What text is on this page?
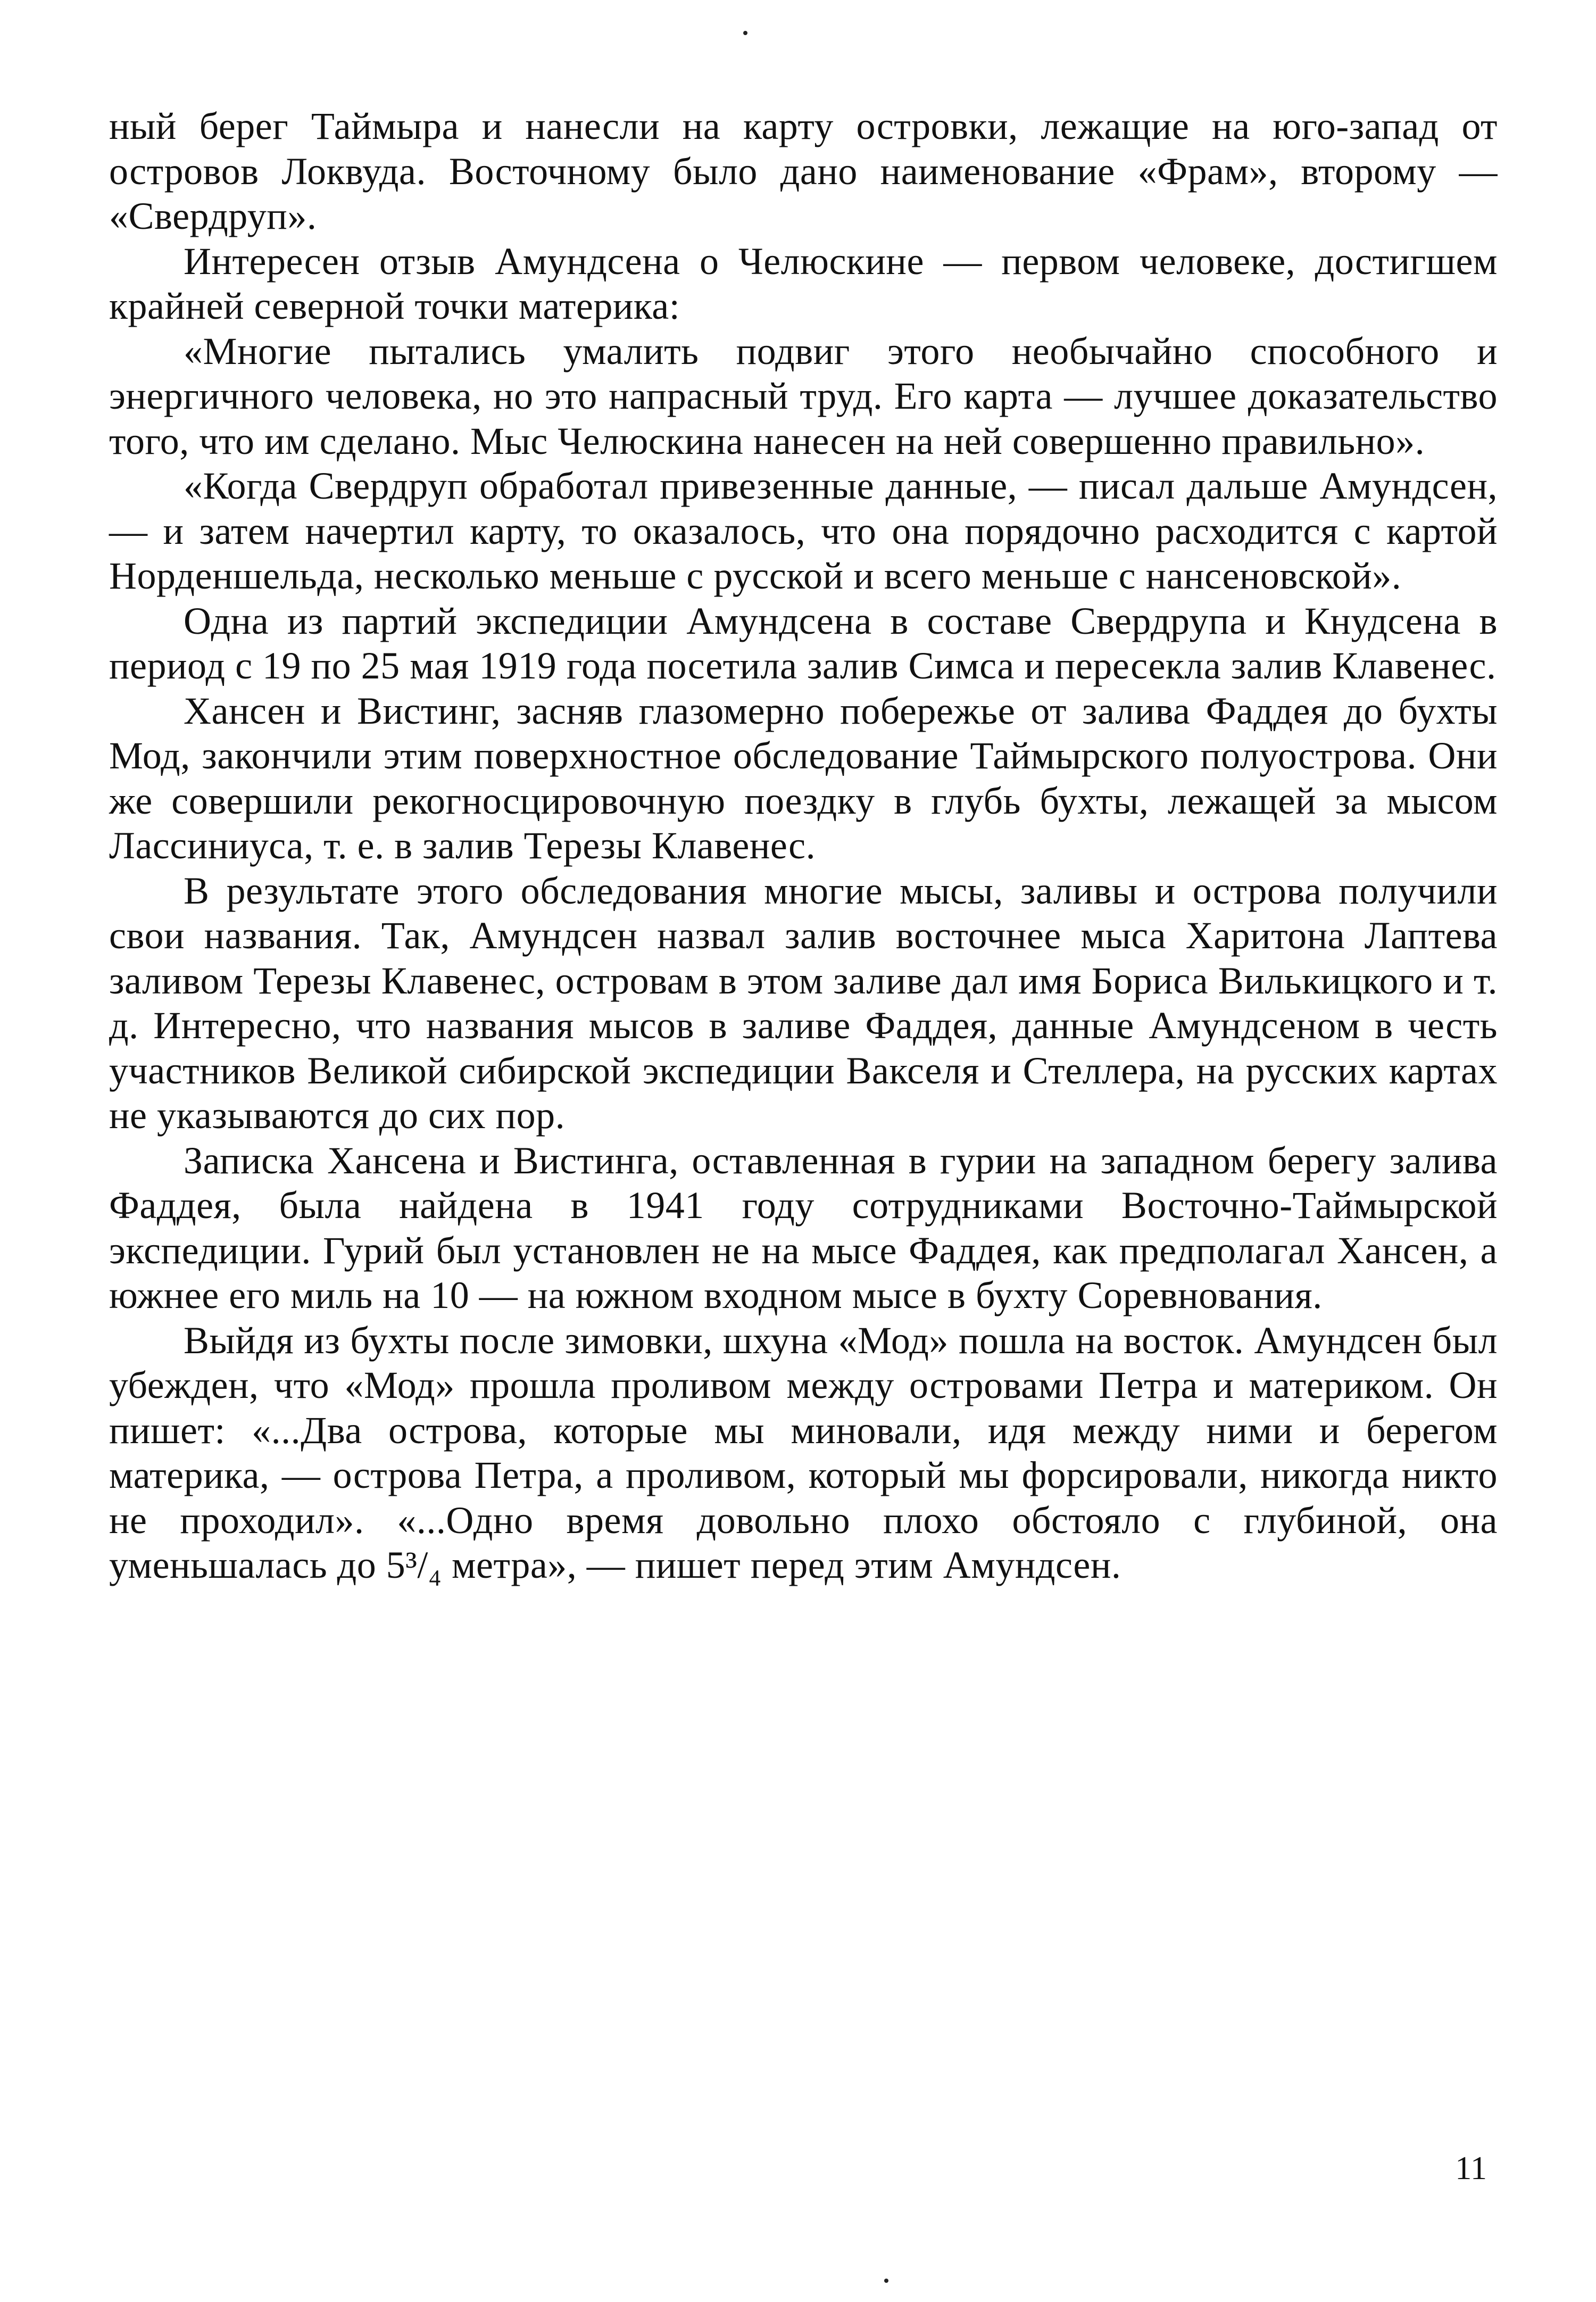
ный берег Таймыра и нанесли на карту островки, лежащие на юго-запад от островов Локвуда. Восточному было дано наименование «Фрам», второму — «Свердруп».

Интересен отзыв Амундсена о Челюскине — первом человеке, достигшем крайней северной точки материка:

«Многие пытались умалить подвиг этого необычайно способного и энергичного человека, но это напрасный труд. Его карта — лучшее доказательство того, что им сделано. Мыс Челюскина нанесен на ней совершенно правильно».

«Когда Свердруп обработал привезенные данные, — писал дальше Амундсен, — и затем начертил карту, то оказалось, что она порядочно расходится с картой Норденшельда, несколько меньше с русской и всего меньше с нансеновской».

Одна из партий экспедиции Амундсена в составе Свердрупа и Кнудсена в период с 19 по 25 мая 1919 года посетила залив Симса и пересекла залив Клавенес.

Хансен и Вистинг, засняв глазомерно побережье от залива Фаддея до бухты Мод, закончили этим поверхностное обследование Таймырского полуострова. Они же совершили рекогносцировочную поездку в глубь бухты, лежащей за мысом Лассиниуса, т. е. в залив Терезы Клавенес.

В результате этого обследования многие мысы, заливы и острова получили свои названия. Так, Амундсен назвал залив восточнее мыса Харитона Лаптева заливом Терезы Клавенес, островам в этом заливе дал имя Бориса Вилькицкого и т. д. Интересно, что названия мысов в заливе Фаддея, данные Амундсеном в честь участников Великой сибирской экспедиции Вакселя и Стеллера, на русских картах не указываются до сих пор.

Записка Хансена и Вистинга, оставленная в гурии на западном берегу залива Фаддея, была найдена в 1941 году сотрудниками Восточно-Таймырской экспедиции. Гурий был установлен не на мысе Фаддея, как предполагал Хансен, а южнее его миль на 10 — на южном входном мысе в бухту Соревнования.

Выйдя из бухты после зимовки, шхуна «Мод» пошла на восток. Амундсен был убежден, что «Мод» прошла проливом между островами Петра и материком. Он пишет: «...Два острова, которые мы миновали, идя между ними и берегом материка, — острова Петра, а проливом, который мы форсировали, никогда никто не проходил». «...Одно время довольно плохо обстояло с глубиной, она уменьшалась до 5³/₄ метра», — пишет перед этим Амундсен.

11
